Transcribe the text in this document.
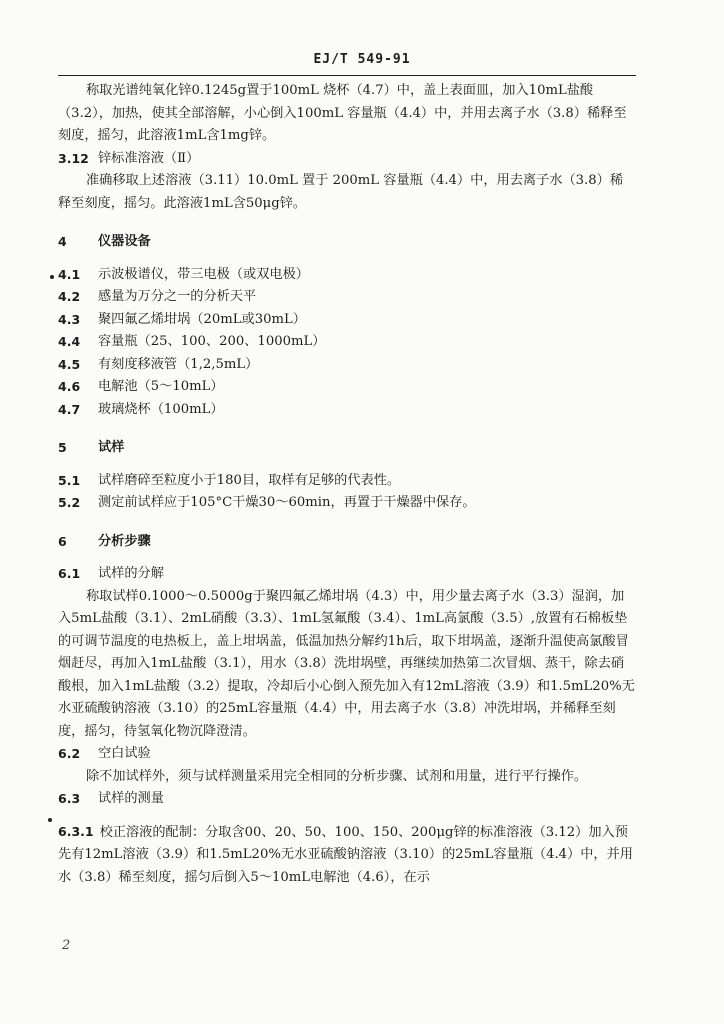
EJ/T 549-91

称取光谱纯氧化锌0.1245g置于100mL 烧杯（4.7）中，盖上表面皿，加入10mL盐酸（3.2），加热，使其全部溶解，小心倒入100mL 容量瓶（4.4）中，并用去离子水（3.8）稀释至刻度，摇匀，此溶液1mL含1mg锌。

3.12 锌标准溶液（Ⅱ）

准确移取上述溶液（3.11）10.0mL 置于 200mL 容量瓶（4.4）中，用去离子水（3.8）稀释至刻度，摇匀。此溶液1mL含50μg锌。

4	仪器设备

4.1	示波极谱仪，带三电极（或双电极）

4.2	感量为万分之一的分析天平

4.3	聚四氟乙烯坩埚（20mL或30mL）

4.4	容量瓶（25、100、200、1000mL）

4.5	有刻度移液管（1,2,5mL）

4.6	电解池（5～10mL）

4.7	玻璃烧杯（100mL）

5	试样

5.1	试样磨碎至粒度小于180目，取样有足够的代表性。

5.2	测定前试样应于105°C干燥30～60min，再置于干燥器中保存。

6	分析步骤

6.1	试样的分解

称取试样0.1000～0.5000g于聚四氟乙烯坩埚（4.3）中，用少量去离子水（3.3）湿润，加入5mL盐酸（3.1）、2mL硝酸（3.3）、1mL氢氟酸（3.4）、1mL高氯酸（3.5）,放置有石棉板垫的可调节温度的电热板上，盖上坩埚盖，低温加热分解约1h后，取下坩埚盖，逐渐升温使高氯酸冒烟赶尽，再加入1mL盐酸（3.1），用水（3.8）洗坩埚壁，再继续加热第二次冒烟、蒸干，除去硝酸根，加入1mL盐酸（3.2）提取，冷却后小心倒入预先加入有12mL溶液（3.9）和1.5mL20%无水亚硫酸钠溶液（3.10）的25mL容量瓶（4.4）中，用去离子水（3.8）冲洗坩埚，并稀释至刻度，摇匀，待氢氧化物沉降澄清。

6.2	空白试验

除不加试样外，须与试样测量采用完全相同的分析步骤、试剂和用量，进行平行操作。

6.3	试样的测量

6.3.1 校正溶液的配制：分取含00、20、50、100、150、200μg锌的标准溶液（3.12）加入预先有12mL溶液（3.9）和1.5mL20%无水亚硫酸钠溶液（3.10）的25mL容量瓶（4.4）中，并用水（3.8）稀至刻度，摇匀后倒入5～10mL电解池（4.6），在示

2
